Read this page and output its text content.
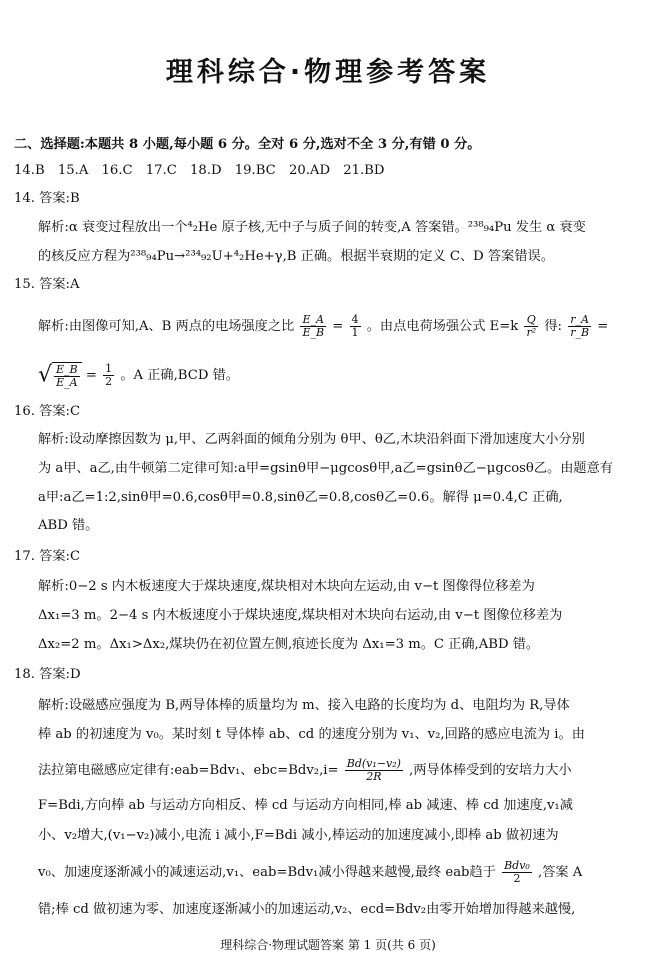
理科综合·物理参考答案
二、选择题:本题共 8 小题,每小题 6 分。全对 6 分,选对不全 3 分,有错 0 分。
14.B　15.A　16.C　17.C　18.D　19.BC　20.AD　21.BD
14. 答案:B
解析:α 衰变过程放出一个⁴₂He 原子核,无中子与质子间的转变,A 答案错。²³⁸₉₄Pu 发生 α 衰变
的核反应方程为²³⁸₉₄Pu→²³⁴₉₂U+⁴₂He+γ,B 正确。根据半衰期的定义 C、D 答案错误。
15. 答案:A
解析:由图像可知,A、B 两点的电场强度之比 $\frac{E\_A}{E\_B} = \frac{4}{1}$ 。由点电荷场强公式 $E=k \frac{Q}{\text{r²}}$ 得: $\frac{r\_A}{r\_B}$ =
√ $\frac{E\_B}{E\_A} = \frac{1}{2}$ 。A 正确,BCD 错。
16. 答案:C
解析:设动摩擦因数为 μ,甲、乙两斜面的倾角分别为 θ甲、θ乙,木块沿斜面下滑加速度大小分别
为 a甲、a乙,由牛顿第二定律可知:a甲=gsinθ甲−μgcosθ甲,a乙=gsinθ乙−μgcosθ乙。由题意有
a甲:a乙=1:2,sinθ甲=0.6,cosθ甲=0.8,sinθ乙=0.8,cosθ乙=0.6。解得 μ=0.4,C 正确,
ABD 错。
17. 答案:C
解析:0−2 s 内木板速度大于煤块速度,煤块相对木块向左运动,由 v−t 图像得位移差为
Δx₁=3 m。2−4 s 内木板速度小于煤块速度,煤块相对木块向右运动,由 v−t 图像位移差为
Δx₂=2 m。Δx₁>Δx₂,煤块仍在初位置左侧,痕迹长度为 Δx₁=3 m。C 正确,ABD 错。
18. 答案:D
解析:设磁感应强度为 B,两导体棒的质量均为 m、接入电路的长度均为 d、电阻均为 R,导体
棒 ab 的初速度为 v₀。某时刻 t 导体棒 ab、cd 的速度分别为 v₁、v₂,回路的感应电流为 i。由
法拉第电磁感应定律有:eab=Bdv₁、$ebc=Bdv_2,i= \frac{\text{Bd(v₁−v₂)}}{2R}$ ,两导体棒受到的安培力大小
F=Bdi,方向棒 ab 与运动方向相反、棒 cd 与运动方向相同,棒 ab 减速、棒 cd 加速度,v₁减
小、v₂增大,(v₁−v₂)减小,电流 i 减小,F=Bdi 减小,棒运动的加速度减小,即棒 ab 做初速为
v₀、加速度逐渐减小的减速运动,v₁、eab=Bdv₁减小得越来越慢,最终 eab趋于 $\frac{\text{Bdv₀}}{2}$ ,答案 A
错;棒 cd 做初速为零、加速度逐渐减小的加速运动,v₂、ecd=Bdv₂由零开始增加得越来越慢,
理科综合·物理试题答案 第 1 页(共 6 页)
